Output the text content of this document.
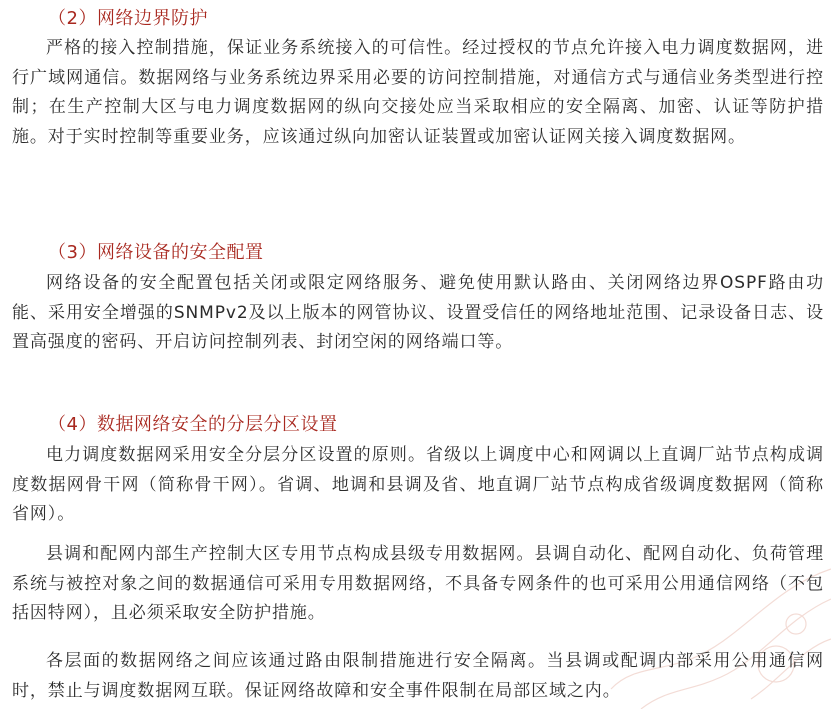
（2）网络边界防护
严格的接入控制措施，保证业务系统接入的可信性。经过授权的节点允许接入电力调度数据网，进行广域网通信。数据网络与业务系统边界采用必要的访问控制措施，对通信方式与通信业务类型进行控制；在生产控制大区与电力调度数据网的纵向交接处应当采取相应的安全隔离、加密、认证等防护措施。对于实时控制等重要业务，应该通过纵向加密认证装置或加密认证网关接入调度数据网。
（3）网络设备的安全配置
网络设备的安全配置包括关闭或限定网络服务、避免使用默认路由、关闭网络边界OSPF路由功能、采用安全增强的SNMPv2及以上版本的网管协议、设置受信任的网络地址范围、记录设备日志、设置高强度的密码、开启访问控制列表、封闭空闲的网络端口等。
（4）数据网络安全的分层分区设置
电力调度数据网采用安全分层分区设置的原则。省级以上调度中心和网调以上直调厂站节点构成调度数据网骨干网（简称骨干网）。省调、地调和县调及省、地直调厂站节点构成省级调度数据网（简称省网）。
县调和配网内部生产控制大区专用节点构成县级专用数据网。县调自动化、配网自动化、负荷管理系统与被控对象之间的数据通信可采用专用数据网络，不具备专网条件的也可采用公用通信网络（不包括因特网），且必须采取安全防护措施。
各层面的数据网络之间应该通过路由限制措施进行安全隔离。当县调或配调内部采用公用通信网时，禁止与调度数据网互联。保证网络故障和安全事件限制在局部区域之内。
